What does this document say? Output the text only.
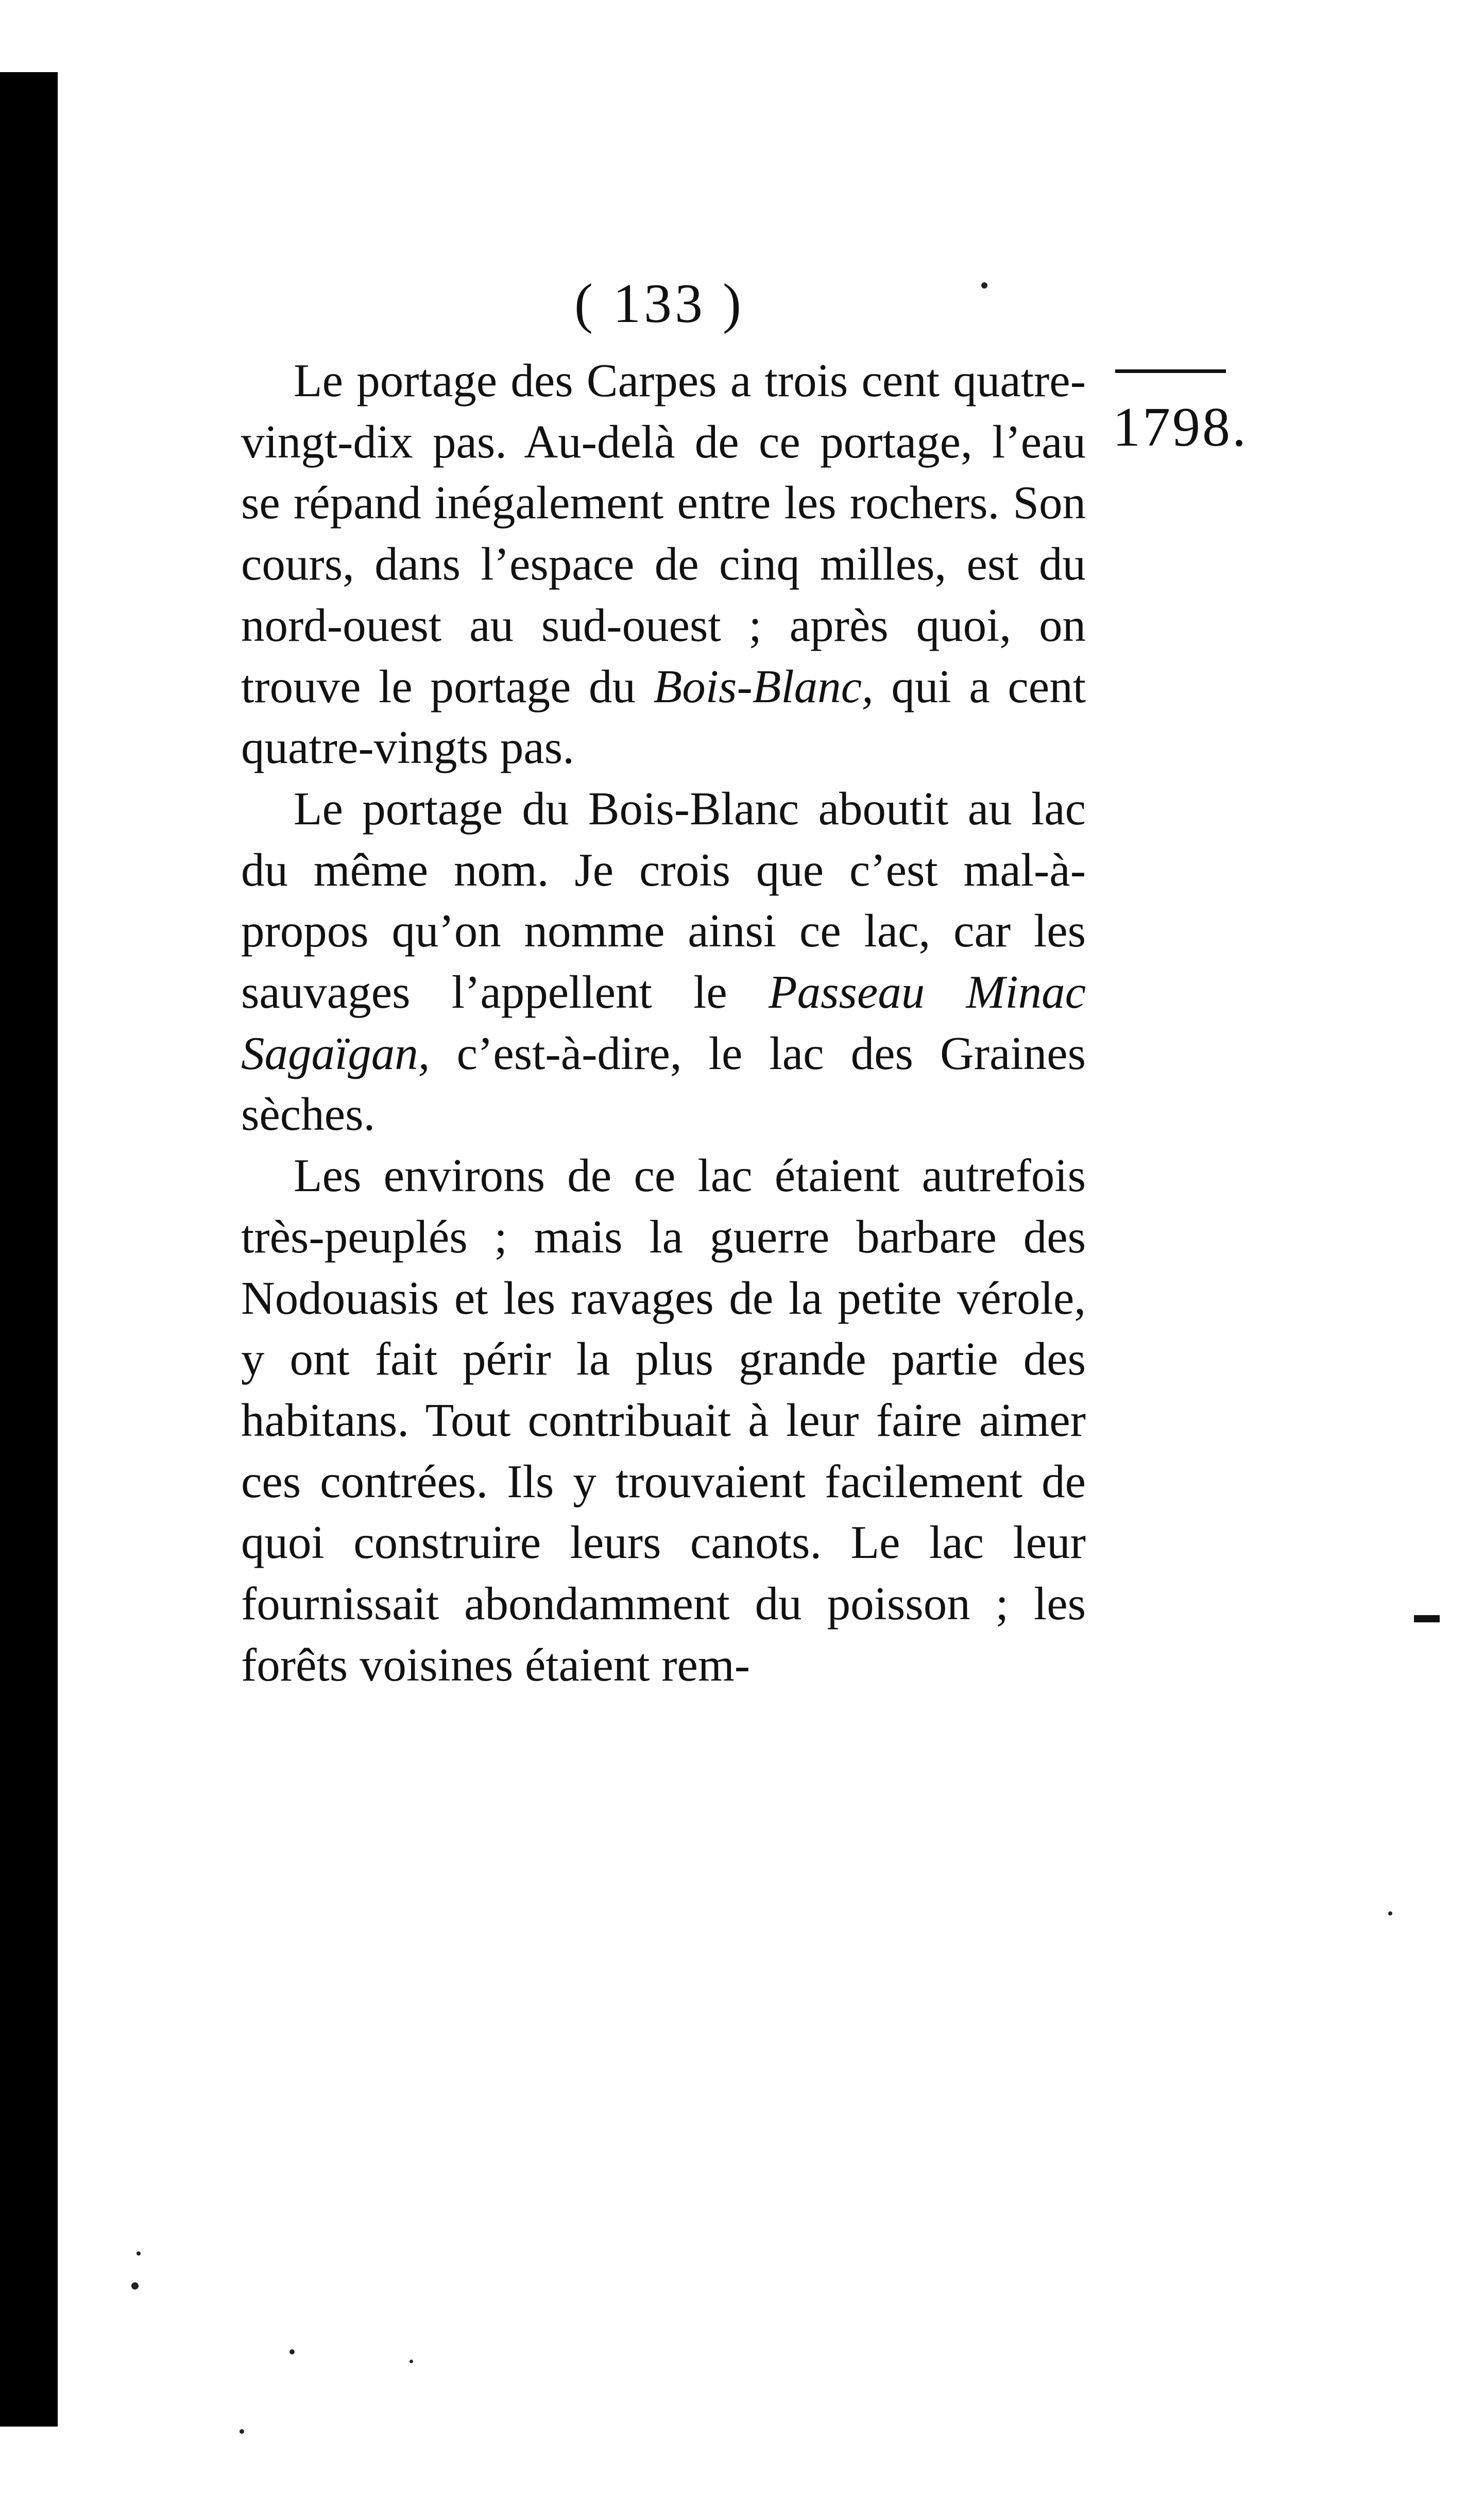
( 133 )
1798.

Le portage des Carpes a trois cent quatre-vingt-dix pas. Au-delà de ce portage, l’eau se répand inégalement entre les rochers. Son cours, dans l’espace de cinq milles, est du nord-ouest au sud-ouest ; après quoi, on trouve le portage du Bois-Blanc, qui a cent quatre-vingts pas.

Le portage du Bois-Blanc aboutit au lac du même nom. Je crois que c’est mal-à-propos qu’on nomme ainsi ce lac, car les sauvages l’appellent le Passeau Minac Sagaïgan, c’est-à-dire, le lac des Graines sèches.

Les environs de ce lac étaient autrefois très-peuplés ; mais la guerre barbare des Nodouasis et les ravages de la petite vérole, y ont fait périr la plus grande partie des habitans. Tout contribuait à leur faire aimer ces contrées. Ils y trouvaient facilement de quoi construire leurs canots. Le lac leur fournissait abondamment du poisson ; les forêts voisines étaient rem-
